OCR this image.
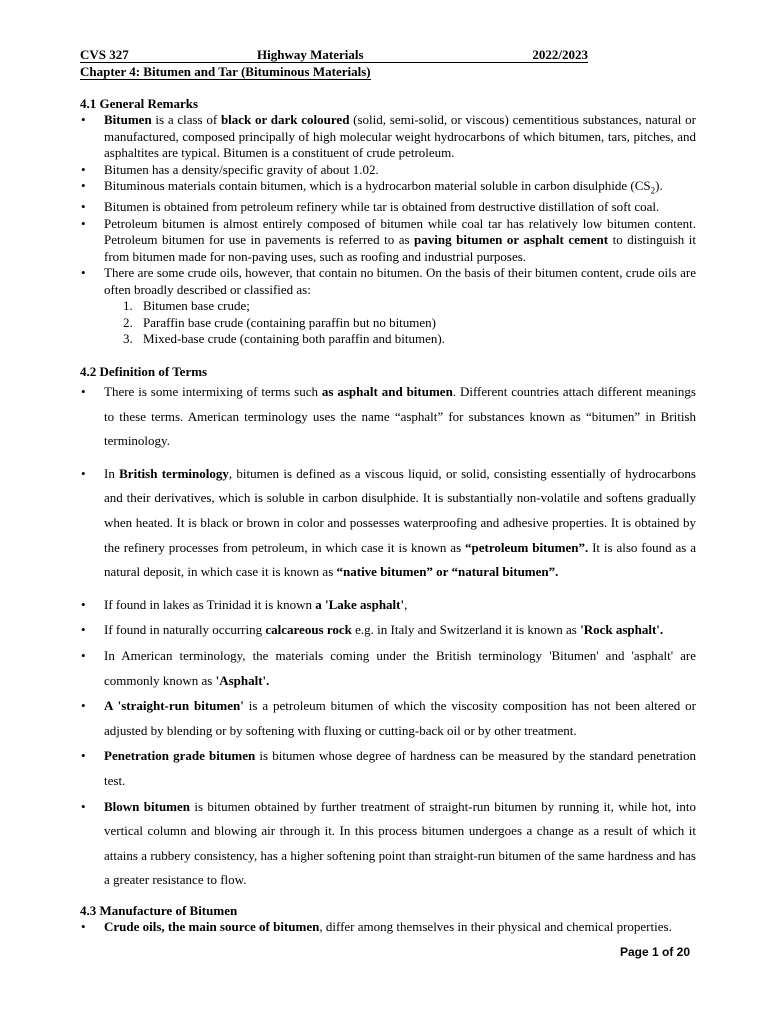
CVS 327	Highway Materials	2022/2023
Chapter 4: Bitumen and Tar (Bituminous Materials)
4.1 General Remarks
• Bitumen is a class of black or dark coloured (solid, semi-solid, or viscous) cementitious substances, natural or manufactured, composed principally of high molecular weight hydrocarbons of which bitumen, tars, pitches, and asphaltites are typical. Bitumen is a constituent of crude petroleum.
• Bitumen has a density/specific gravity of about 1.02.
• Bituminous materials contain bitumen, which is a hydrocarbon material soluble in carbon disulphide $(CS_2)$.
• Bitumen is obtained from petroleum refinery while tar is obtained from destructive distillation of soft coal.
• Petroleum bitumen is almost entirely composed of bitumen while coal tar has relatively low bitumen content. Petroleum bitumen for use in pavements is referred to as paving bitumen or asphalt cement to distinguish it from bitumen made for non-paving uses, such as roofing and industrial purposes.
• There are some crude oils, however, that contain no bitumen. On the basis of their bitumen content, crude oils are often broadly described or classified as:
1. Bitumen base crude;
2. Paraffin base crude (containing paraffin but no bitumen)
3. Mixed-base crude (containing both paraffin and bitumen).
4.2 Definition of Terms
• There is some intermixing of terms such as asphalt and bitumen. Different countries attach different meanings to these terms. American terminology uses the name “asphalt” for substances known as “bitumen” in British terminology.
• In British terminology, bitumen is defined as a viscous liquid, or solid, consisting essentially of hydrocarbons and their derivatives, which is soluble in carbon disulphide. It is substantially non-volatile and softens gradually when heated. It is black or brown in color and possesses waterproofing and adhesive properties. It is obtained by the refinery processes from petroleum, in which case it is known as “petroleum bitumen”. It is also found as a natural deposit, in which case it is known as “native bitumen” or “natural bitumen”.
• If found in lakes as Trinidad it is known a 'Lake asphalt',
• If found in naturally occurring calcareous rock e.g. in Italy and Switzerland it is known as 'Rock asphalt'.
• In American terminology, the materials coming under the British terminology 'Bitumen' and 'asphalt' are commonly known as 'Asphalt'.
• A 'straight-run bitumen' is a petroleum bitumen of which the viscosity composition has not been altered or adjusted by blending or by softening with fluxing or cutting-back oil or by other treatment.
• Penetration grade bitumen is bitumen whose degree of hardness can be measured by the standard penetration test.
• Blown bitumen is bitumen obtained by further treatment of straight-run bitumen by running it, while hot, into vertical column and blowing air through it. In this process bitumen undergoes a change as a result of which it attains a rubbery consistency, has a higher softening point than straight-run bitumen of the same hardness and has a greater resistance to flow.
4.3 Manufacture of Bitumen
• Crude oils, the main source of bitumen, differ among themselves in their physical and chemical properties.
Page 1 of 20
